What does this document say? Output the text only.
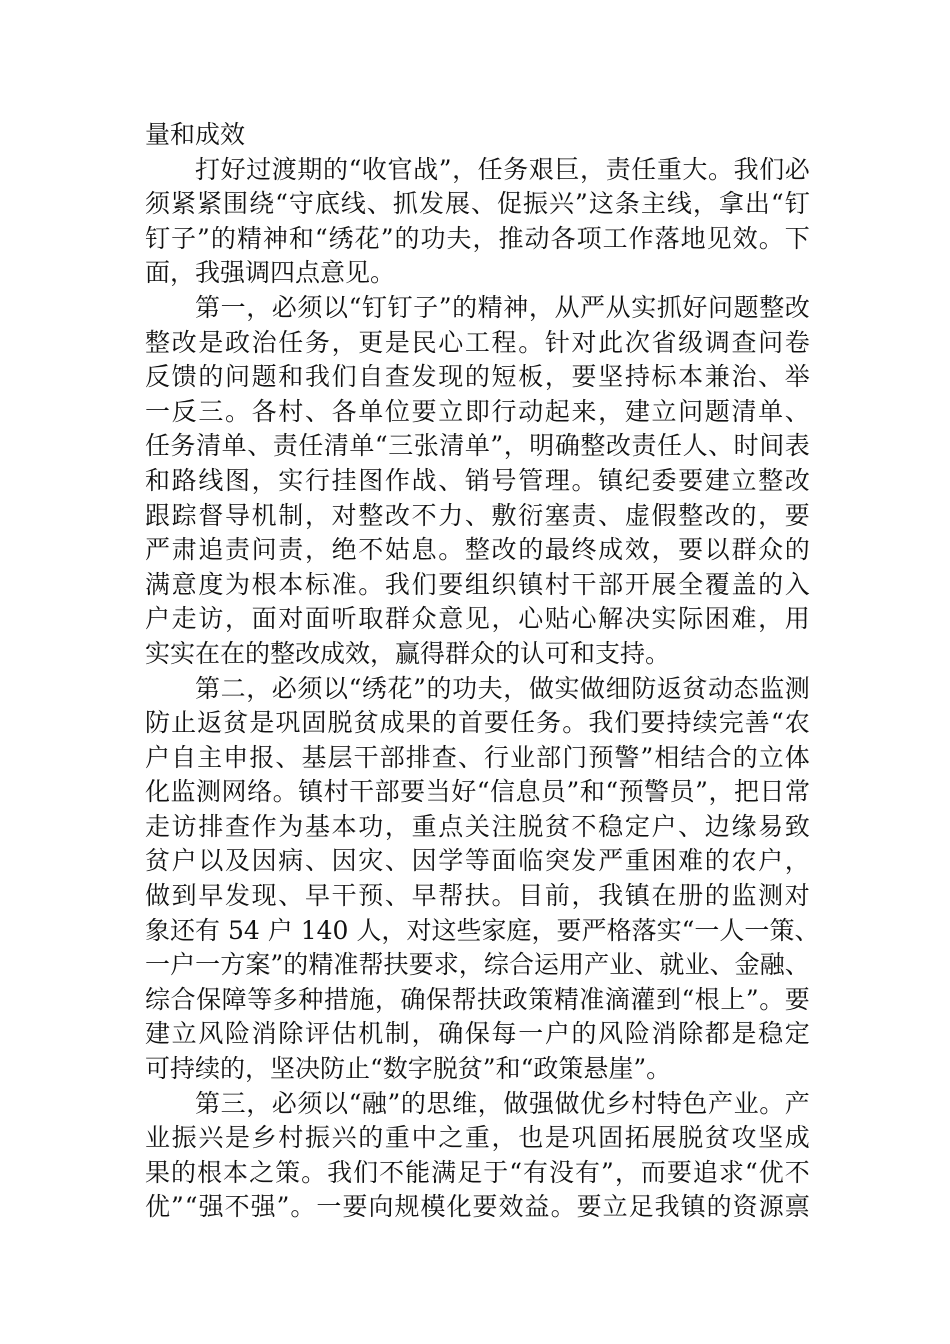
量和成效
打 好 过 渡 期 的 “ 收 官 战 ” ， 任 务 艰 巨 ， 责 任 重 大 。 我 们 必
须 紧 紧 围 绕 “ 守 底 线 、 抓 发 展 、 促 振 兴 ” 这 条 主 线 ， 拿 出 “ 钉
钉 子 ” 的 精 神 和 “ 绣 花 ” 的 功 夫 ， 推 动 各 项 工 作 落 地 见 效 。 下
面，我强调四点意见。
第 一 ， 必 须 以 “ 钉 钉 子 ” 的 精 神 ， 从 严 从 实 抓 好 问 题 整 改
整 改 是 政 治 任 务 ， 更 是 民 心 工 程 。 针 对 此 次 省 级 调 查 问 卷
反 馈 的 问 题 和 我 们 自 查 发 现 的 短 板 ， 要 坚 持 标 本 兼 治 、 举
一 反 三 。 各 村 、 各 单 位 要 立 即 行 动 起 来 ， 建 立 问 题 清 单 、
任 务 清 单 、 责 任 清 单 “ 三 张 清 单 ” ， 明 确 整 改 责 任 人 、 时 间 表
和 路 线 图 ， 实 行 挂 图 作 战 、 销 号 管 理 。 镇 纪 委 要 建 立 整 改
跟 踪 督 导 机 制 ， 对 整 改 不 力 、 敷 衍 塞 责 、 虚 假 整 改 的 ， 要
严 肃 追 责 问 责 ， 绝 不 姑 息 。 整 改 的 最 终 成 效 ， 要 以 群 众 的
满 意 度 为 根 本 标 准 。 我 们 要 组 织 镇 村 干 部 开 展 全 覆 盖 的 入
户 走 访 ， 面 对 面 听 取 群 众 意 见 ， 心 贴 心 解 决 实 际 困 难 ， 用
实实在在的整改成效，赢得群众的认可和支持。
第 二 ， 必 须 以 “ 绣 花 ” 的 功 夫 ， 做 实 做 细 防 返 贫 动 态 监 测
防 止 返 贫 是 巩 固 脱 贫 成 果 的 首 要 任 务 。 我 们 要 持 续 完 善 “ 农
户 自 主 申 报 、 基 层 干 部 排 查 、 行 业 部 门 预 警 ” 相 结 合 的 立 体
化 监 测 网 络 。 镇 村 干 部 要 当 好 “ 信 息 员 ” 和 “ 预 警 员 ” ， 把 日 常
走 访 排 查 作 为 基 本 功 ， 重 点 关 注 脱 贫 不 稳 定 户 、 边 缘 易 致
贫 户 以 及 因 病 、 因 灾 、 因 学 等 面 临 突 发 严 重 困 难 的 农 户 ，
做 到 早 发 现 、 早 干 预 、 早 帮 扶 。 目 前 ， 我 镇 在 册 的 监 测 对
象 还 有
5 4
户
1 4 0
人 ， 对 这 些 家 庭 ， 要 严 格 落 实 “ 一 人 一 策 、
一 户 一 方 案 ” 的 精 准 帮 扶 要 求 ， 综 合 运 用 产 业 、 就 业 、 金 融 、
综 合 保 障 等 多 种 措 施 ， 确 保 帮 扶 政 策 精 准 滴 灌 到 “ 根 上 ” 。 要
建 立 风 险 消 除 评 估 机 制 ， 确 保 每 一 户 的 风 险 消 除 都 是 稳 定
可持续的，坚决防止“数字脱贫”和“政策悬崖”。
第 三 ， 必 须 以 “ 融 ” 的 思 维 ， 做 强 做 优 乡 村 特 色 产 业 。 产
业 振 兴 是 乡 村 振 兴 的 重 中 之 重 ， 也 是 巩 固 拓 展 脱 贫 攻 坚 成
果 的 根 本 之 策 。 我 们 不 能 满 足 于 “ 有 没 有 ” ， 而 要 追 求 “ 优 不
优 ” “ 强 不 强 ” 。 一 要 向 规 模 化 要 效 益 。 要 立 足 我 镇 的 资 源 禀
